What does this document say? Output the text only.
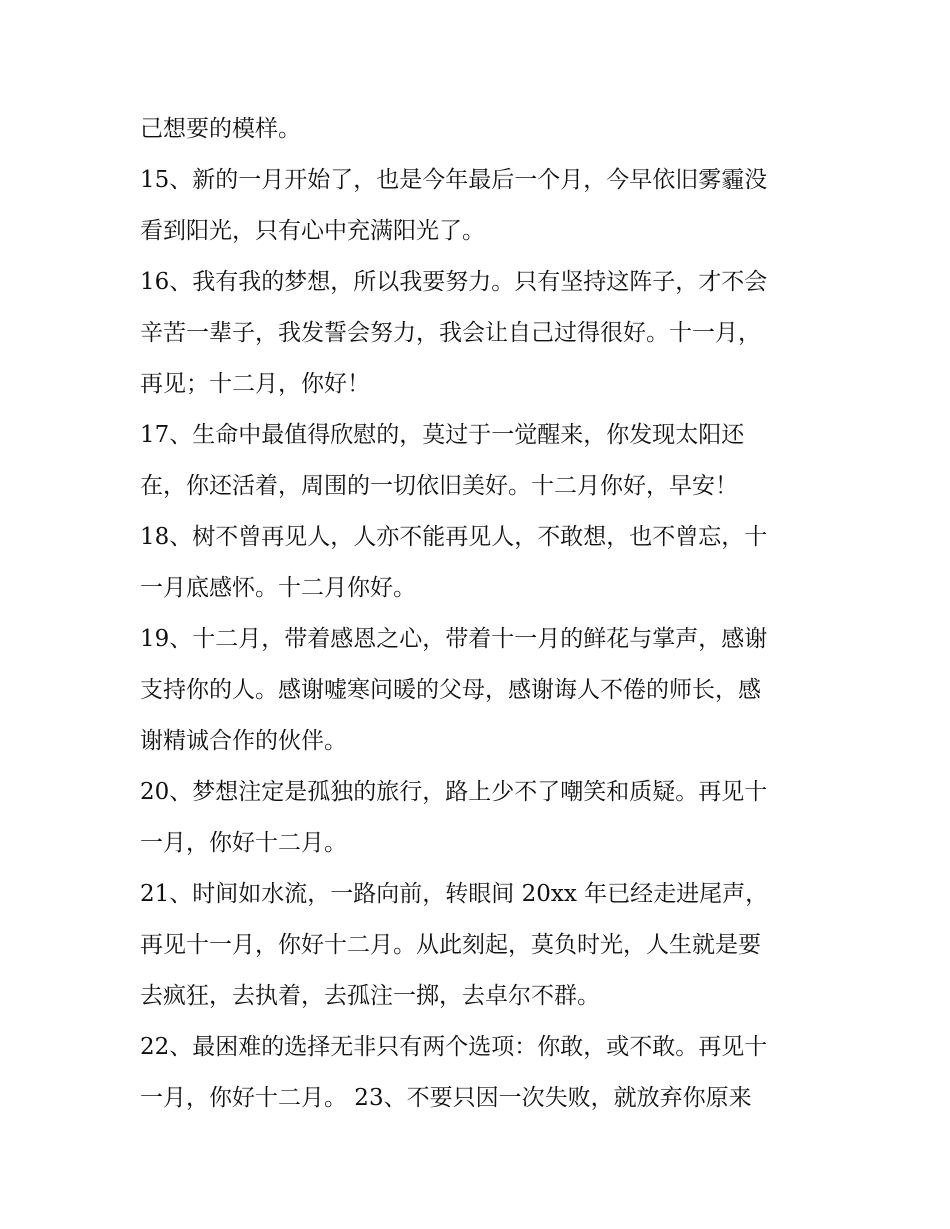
己想要的模样。
15、新的一月开始了，也是今年最后一个月，今早依旧雾霾没
看到阳光，只有心中充满阳光了。
16、我有我的梦想，所以我要努力。只有坚持这阵子，才不会
辛苦一辈子，我发誓会努力，我会让自己过得很好。十一月，
再见；十二月，你好！
17、生命中最值得欣慰的，莫过于一觉醒来，你发现太阳还
在，你还活着，周围的一切依旧美好。十二月你好，早安！
18、树不曾再见人，人亦不能再见人，不敢想，也不曾忘，十
一月底感怀。十二月你好。
19、十二月，带着感恩之心，带着十一月的鲜花与掌声，感谢
支持你的人。感谢嘘寒问暖的父母，感谢诲人不倦的师长，感
谢精诚合作的伙伴。
20、梦想注定是孤独的旅行，路上少不了嘲笑和质疑。再见十
一月，你好十二月。
21、时间如水流，一路向前，转眼间 20xx 年已经走进尾声，
再见十一月，你好十二月。从此刻起，莫负时光，人生就是要
去疯狂，去执着，去孤注一掷，去卓尔不群。
22、最困难的选择无非只有两个选项：你敢，或不敢。再见十
一月，你好十二月。 23、不要只因一次失败，就放弃你原来
